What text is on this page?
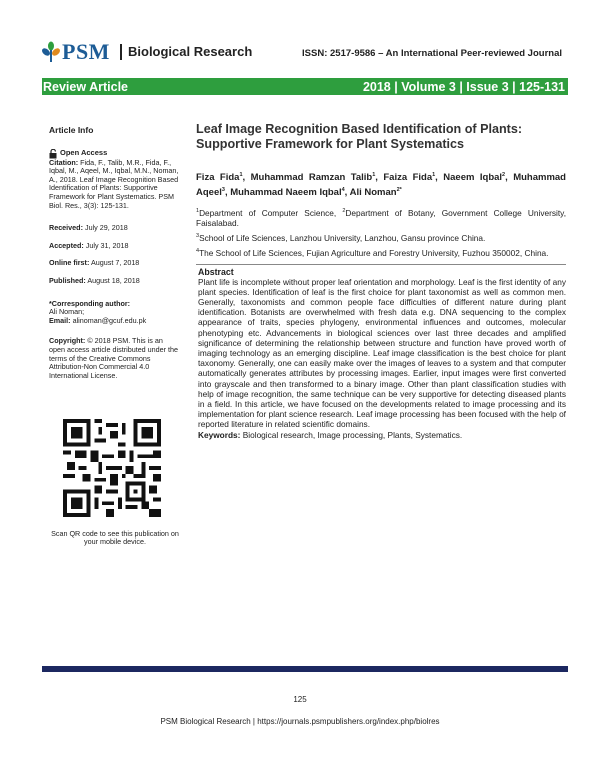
PSM	Biological Research	ISSN: 2517-9586 – An International Peer-reviewed Journal
Review Article	2018 | Volume 3 | Issue 3 | 125-131
Article Info
Open Access
Citation: Fida, F., Talib, M.R., Fida, F., Iqbal, M., Aqeel, M., Iqbal, M.N., Noman, A., 2018. Leaf Image Recognition Based Identification of Plants: Supportive Framework for Plant Systematics. PSM Biol. Res., 3(3): 125-131.
Received: July 29, 2018
Accepted: July 31, 2018
Online first: August 7, 2018
Published: August 18, 2018
*Corresponding author:
Ali Noman;
Email: alinoman@gcuf.edu.pk
Copyright: © 2018 PSM. This is an open access article distributed under the terms of the Creative Commons Attribution-Non Commercial 4.0 International License.
Scan QR code to see this publication on your mobile device.
Leaf Image Recognition Based Identification of Plants: Supportive Framework for Plant Systematics
Fiza Fida$^1$, Muhammad Ramzan Talib$^1$, Faiza Fida$^1$, Naeem Iqbal$^2$, Muhammad Aqeel$^3$, Muhammad Naeem Iqbal$^4$, Ali Noman$^{2*}$
$^1$Department of Computer Science, $^2$Department of Botany, Government College University, Faisalabad.
$^3$School of Life Sciences, Lanzhou University, Lanzhou, Gansu province China.
$^4$The School of Life Sciences, Fujian Agriculture and Forestry University, Fuzhou 350002, China.
Abstract
Plant life is incomplete without proper leaf orientation and morphology. Leaf is the first identity of any plant species. Identification of leaf is the first choice for plant taxonomist as well as common men. Generally, taxonomists and common people face difficulties of different nature during plant identification. Botanists are overwhelmed with fresh data e.g. DNA sequencing to the complex appearance of traits, species phylogeny, environmental influences and outcomes, molecular phenotyping etc. Advancements in biological sciences over last three decades and amplified significance of determining the relationship between structure and function have proved worth of imaging technology as an emerging discipline. Leaf image classification is the best choice for plant taxonomy. Generally, one can easily make over the images of leaves to a system and that computer automatically generates attributes by processing images. Earlier, input images were first converted into grayscale and then transformed to a binary image. Other than plant classification studies with help of image recognition, the same technique can be very supportive for detecting diseased plants in a field. In this article, we have focused on the developments related to image processing and its implementation for plant science research. Leaf image processing has been focused with the help of reported literature in related scientific domains.
Keywords: Biological research, Image processing, Plants, Systematics.
125
PSM Biological Research | https://journals.psmpublishers.org/index.php/biolres
